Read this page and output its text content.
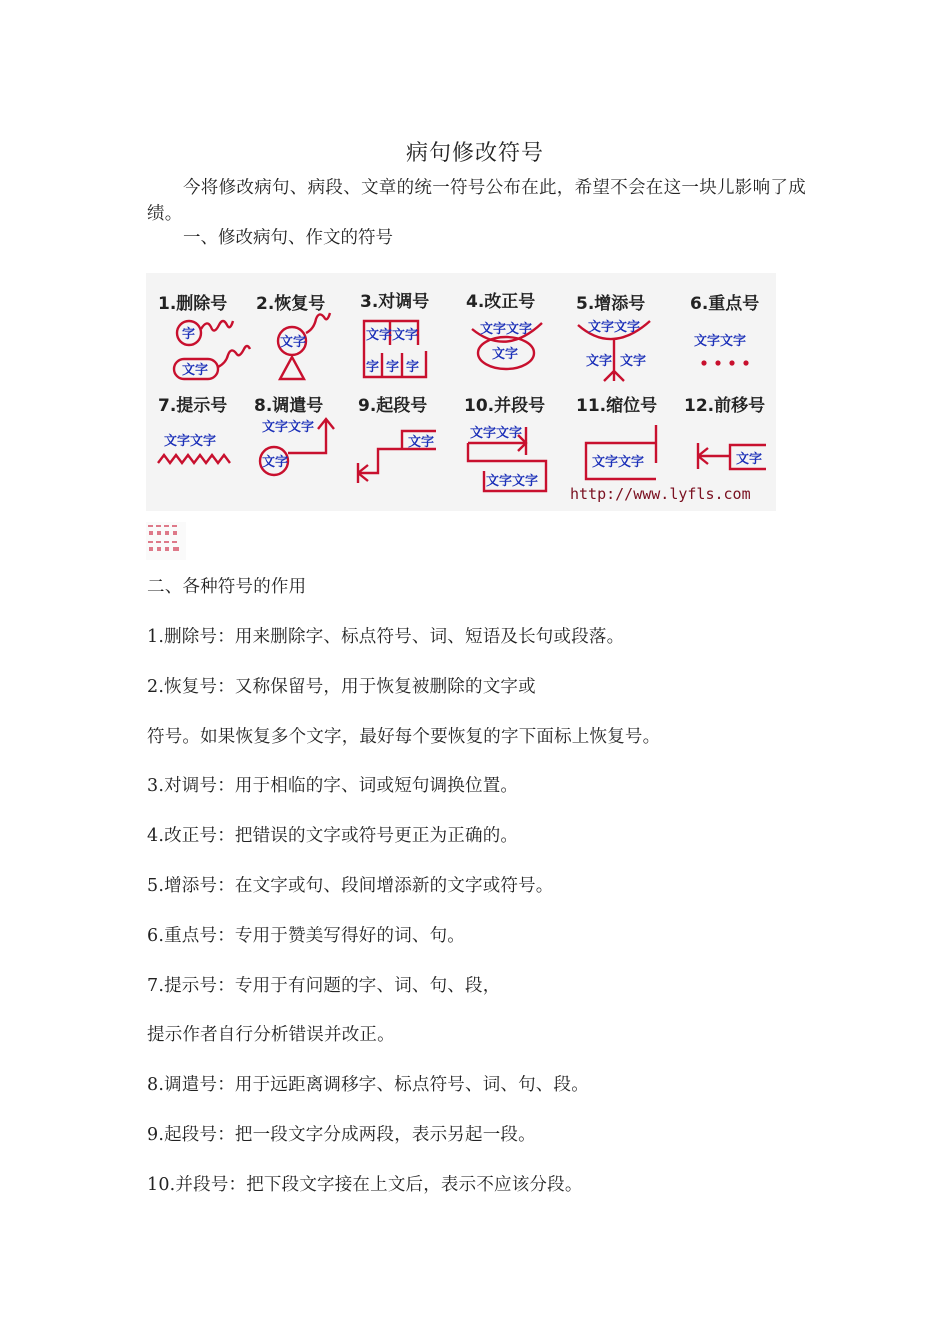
病句修改符号
今将修改病句、病段、文章的统一符号公布在此，希望不会在这一块儿影响了成绩。
一、修改病句、作文的符号
1.删除号 2.恢复号 3.对调号 4.改正号 5.增添号	6.重点号
7.提示号 8.调遣号 9.起段号 10.并段号 11.缩位号 12.前移号
字
文字
文字	文字 文字
字 字 字
文字文字
文字
文字文字
文字 文字
文字文字
文字文字
文字文字
文字
文字
文字文字
文字文字
文字文字	文字
http://www.lyfls.com
二、各种符号的作用
1.删除号：用来删除字、标点符号、词、短语及长句或段落。
2.恢复号：又称保留号，用于恢复被删除的文字或
符号。如果恢复多个文字，最好每个要恢复的字下面标上恢复号。
3.对调号：用于相临的字、词或短句调换位置。
4.改正号：把错误的文字或符号更正为正确的。
5.增添号：在文字或句、段间增添新的文字或符号。
6.重点号：专用于赞美写得好的词、句。
7.提示号：专用于有问题的字、词、句、段，
提示作者自行分析错误并改正。
8.调遣号：用于远距离调移字、标点符号、词、句、段。
9.起段号：把一段文字分成两段，表示另起一段。
10.并段号：把下段文字接在上文后，表示不应该分段。
